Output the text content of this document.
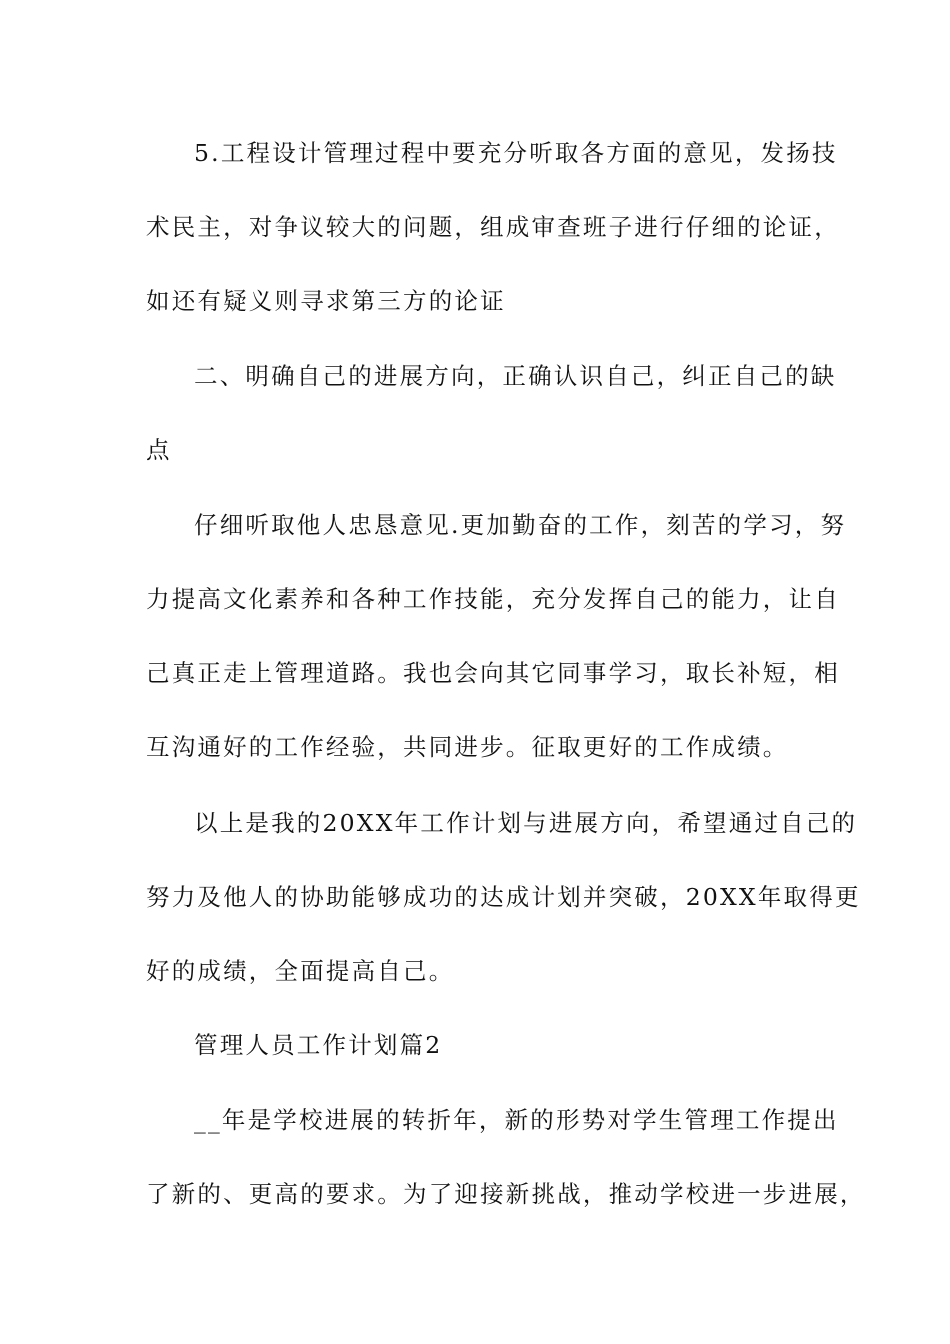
5.工程设计管理过程中要充分听取各方面的意见，发扬技
术民主，对争议较大的问题，组成审查班子进行仔细的论证，
如还有疑义则寻求第三方的论证
二、明确自己的进展方向，正确认识自己，纠正自己的缺
点
仔细听取他人忠恳意见.更加勤奋的工作，刻苦的学习，努
力提高文化素养和各种工作技能，充分发挥自己的能力，让自
己真正走上管理道路。我也会向其它同事学习，取长补短，相
互沟通好的工作经验，共同进步。征取更好的工作成绩。
以上是我的20XX年工作计划与进展方向，希望通过自己的
努力及他人的协助能够成功的达成计划并突破，20XX年取得更
好的成绩，全面提高自己。
管理人员工作计划篇2
__年是学校进展的转折年，新的形势对学生管理工作提出
了新的、更高的要求。为了迎接新挑战，推动学校进一步进展，
